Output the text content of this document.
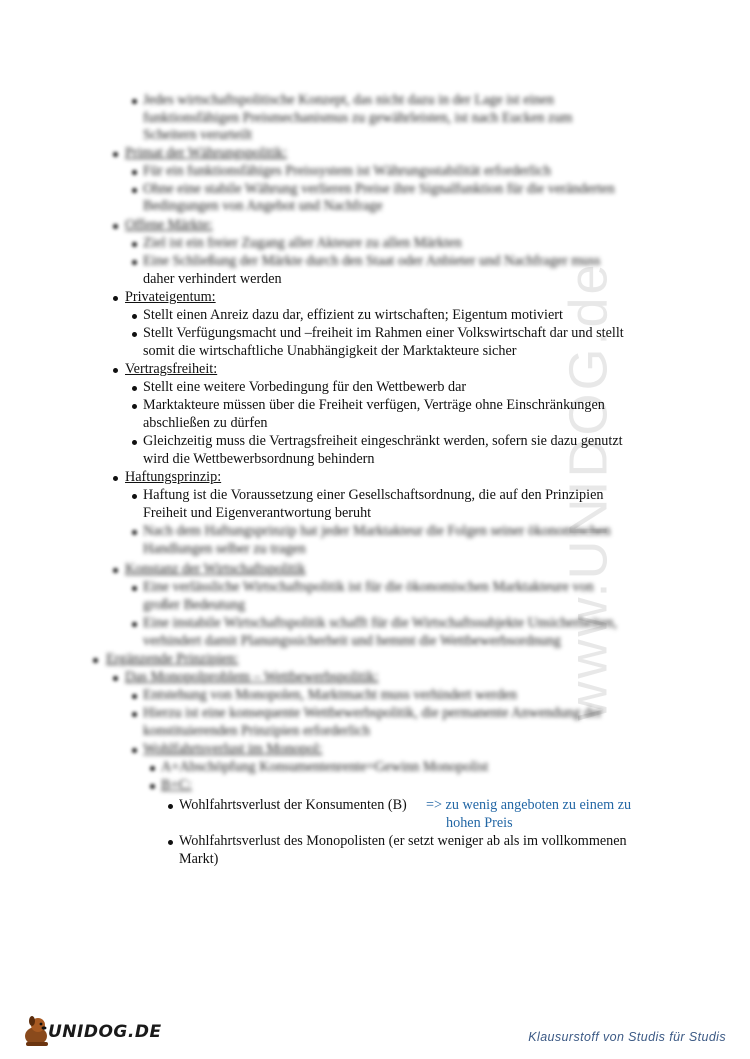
www.UNIDOG.de
Jedes wirtschaftspolitische Konzept, das nicht dazu in der Lage ist einen
funktionsfähigen Preismechanismus zu gewährleisten, ist nach Eucken zum
Scheitern verurteilt
Primat der Währungspolitik:
Für ein funktionsfähiges Preissystem ist Währungsstabilität erforderlich
Ohne eine stabile Währung verlieren Preise ihre Signalfunktion für die veränderten
Bedingungen von Angebot und Nachfrage
Offene Märkte:
Ziel ist ein freier Zugang aller Akteure zu allen Märkten
Eine Schließung der Märkte durch den Staat oder Anbieter und Nachfrager muss
daher verhindert werden
Privateigentum:
Stellt einen Anreiz dazu dar, effizient zu wirtschaften; Eigentum motiviert
Stellt Verfügungsmacht und –freiheit im Rahmen einer Volkswirtschaft dar und stellt
somit die wirtschaftliche Unabhängigkeit der Marktakteure sicher
Vertragsfreiheit:
Stellt eine weitere Vorbedingung für den Wettbewerb dar
Marktakteure müssen über die Freiheit verfügen, Verträge ohne Einschränkungen
abschließen zu dürfen
Gleichzeitig muss die Vertragsfreiheit eingeschränkt werden, sofern sie dazu genutzt
wird die Wettbewerbsordnung behindern
Haftungsprinzip:
Haftung ist die Voraussetzung einer Gesellschaftsordnung, die auf den Prinzipien
Freiheit und Eigenverantwortung beruht
Nach dem Haftungsprinzip hat jeder Marktakteur die Folgen seiner ökonomischen
Handlungen selber zu tragen
Konstanz der Wirtschaftspolitik
Eine verlässliche Wirtschaftspolitik ist für die ökonomischen Marktakteure von
großer Bedeutung
Eine instabile Wirtschaftspolitik schafft für die Wirtschaftssubjekte Unsicherheiten,
verhindert damit Planungssicherheit und hemmt die Wettbewerbsordnung
Ergänzende Prinzipien:
Das Monopolproblem – Wettbewerbspolitik:
Entstehung von Monopolen, Marktmacht muss verhindert werden
Hierzu ist eine konsequente Wettbewerbspolitik, die permanente Anwendung der
konstituierenden Prinzipien erforderlich
Wohlfahrtsverlust im Monopol:
A+Abschöpfung Konsumentenrente=Gewinn Monopolist
B+C:
Wohlfahrtsverlust der Konsumenten (B) => zu wenig angeboten zu einem zu
hohen Preis
Wohlfahrtsverlust des Monopolisten (er setzt weniger ab als im vollkommenen
Markt)
UNIDOG.DE	Klausurstoff von Studis für Studis
